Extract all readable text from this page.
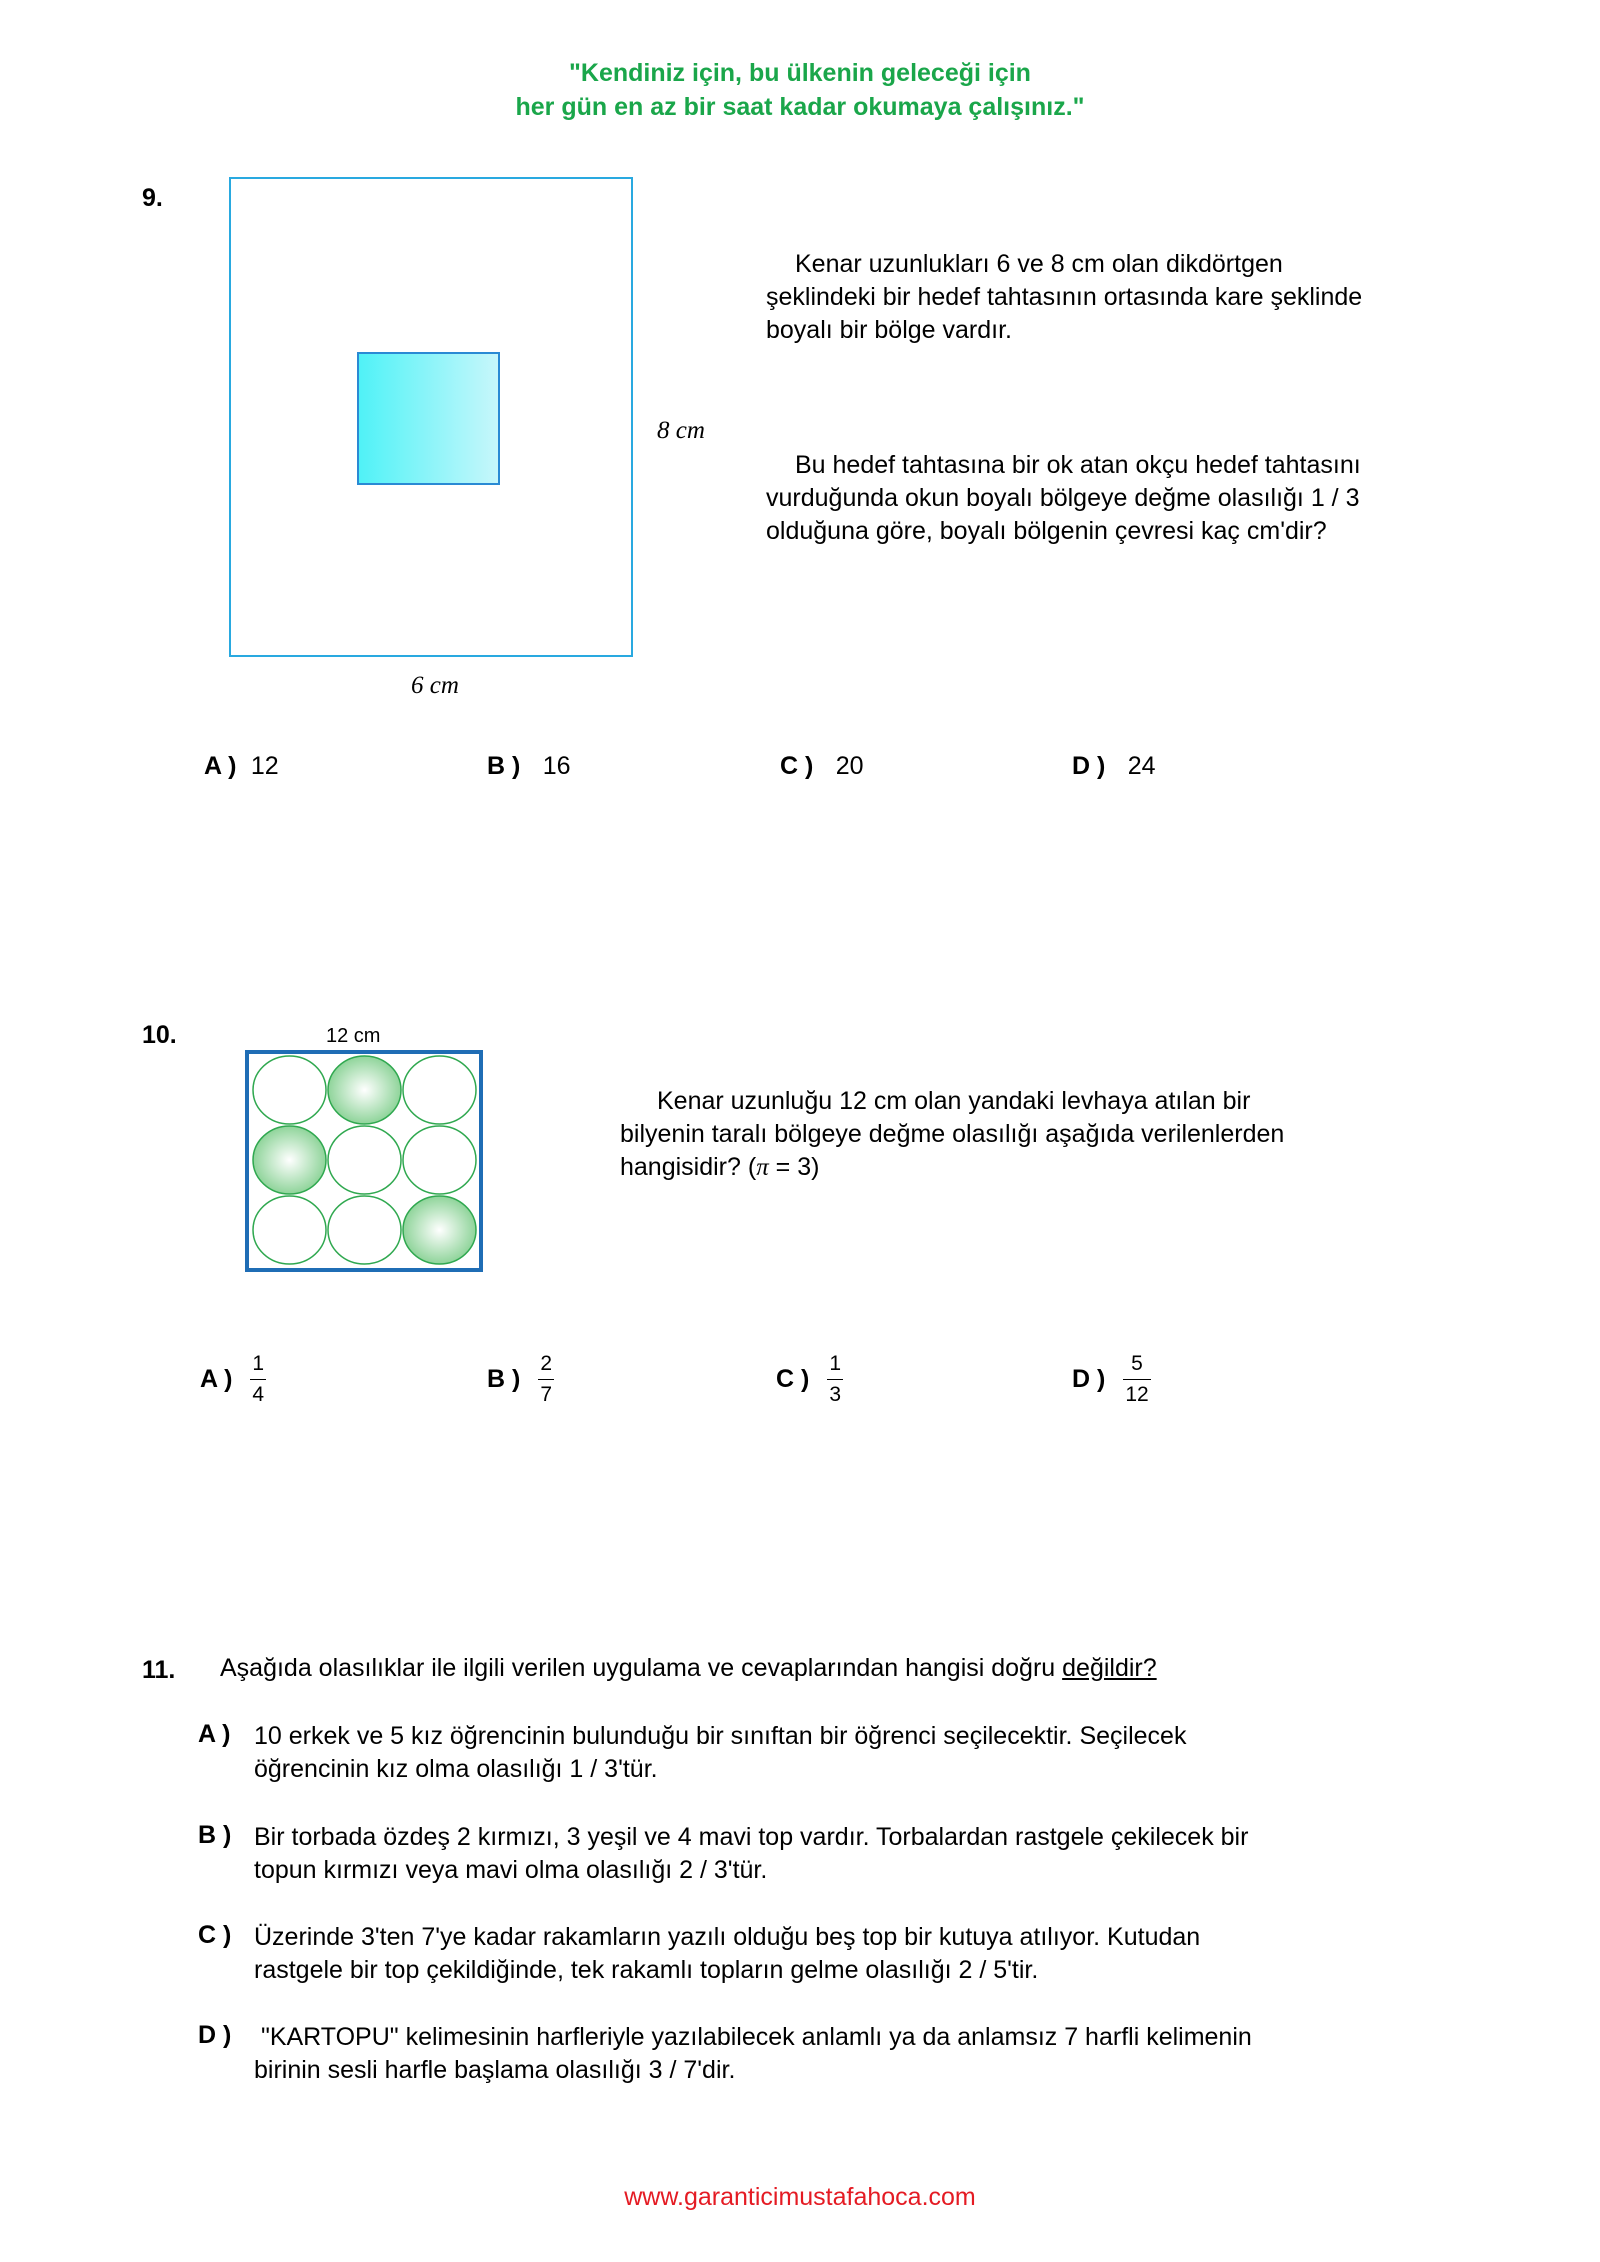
"Kendiniz için, bu ülkenin geleceği için
her gün en az bir saat kadar okumaya çalışınız."
9.
8 cm
6 cm
Kenar uzunlukları 6 ve 8 cm olan dikdörtgen
şeklindeki bir hedef tahtasının ortasında kare şeklinde
boyalı bir bölge vardır.
Bu hedef tahtasına bir ok atan okçu hedef tahtasını
vurduğunda okun boyalı bölgeye değme olasılığı 1 / 3
olduğuna göre, boyalı bölgenin çevresi kaç cm'dir?
A ) 12	B ) 16	C ) 20	D ) 24
10.	12 cm
Kenar uzunluğu 12 cm olan yandaki levhaya atılan bir
bilyenin taralı bölgeye değme olasılığı aşağıda verilenlerden
hangisidir? (π = 3)
A ) $\frac{1}{4}$	B ) $\frac{2}{7}$	C ) $\frac{1}{3}$	D ) $\frac{5}{12}$
11. Aşağıda olasılıklar ile ilgili verilen uygulama ve cevaplarından hangisi doğru değildir?
A ) 10 erkek ve 5 kız öğrencinin bulunduğu bir sınıftan bir öğrenci seçilecektir. Seçilecek
öğrencinin kız olma olasılığı 1 / 3'tür.
B ) Bir torbada özdeş 2 kırmızı, 3 yeşil ve 4 mavi top vardır. Torbalardan rastgele çekilecek bir
topun kırmızı veya mavi olma olasılığı 2 / 3'tür.
C ) Üzerinde 3'ten 7'ye kadar rakamların yazılı olduğu beş top bir kutuya atılıyor. Kutudan
rastgele bir top çekildiğinde, tek rakamlı topların gelme olasılığı 2 / 5'tir.
D ) "KARTOPU" kelimesinin harfleriyle yazılabilecek anlamlı ya da anlamsız 7 harfli kelimenin
birinin sesli harfle başlama olasılığı 3 / 7'dir.
www.garanticimustafahoca.com
